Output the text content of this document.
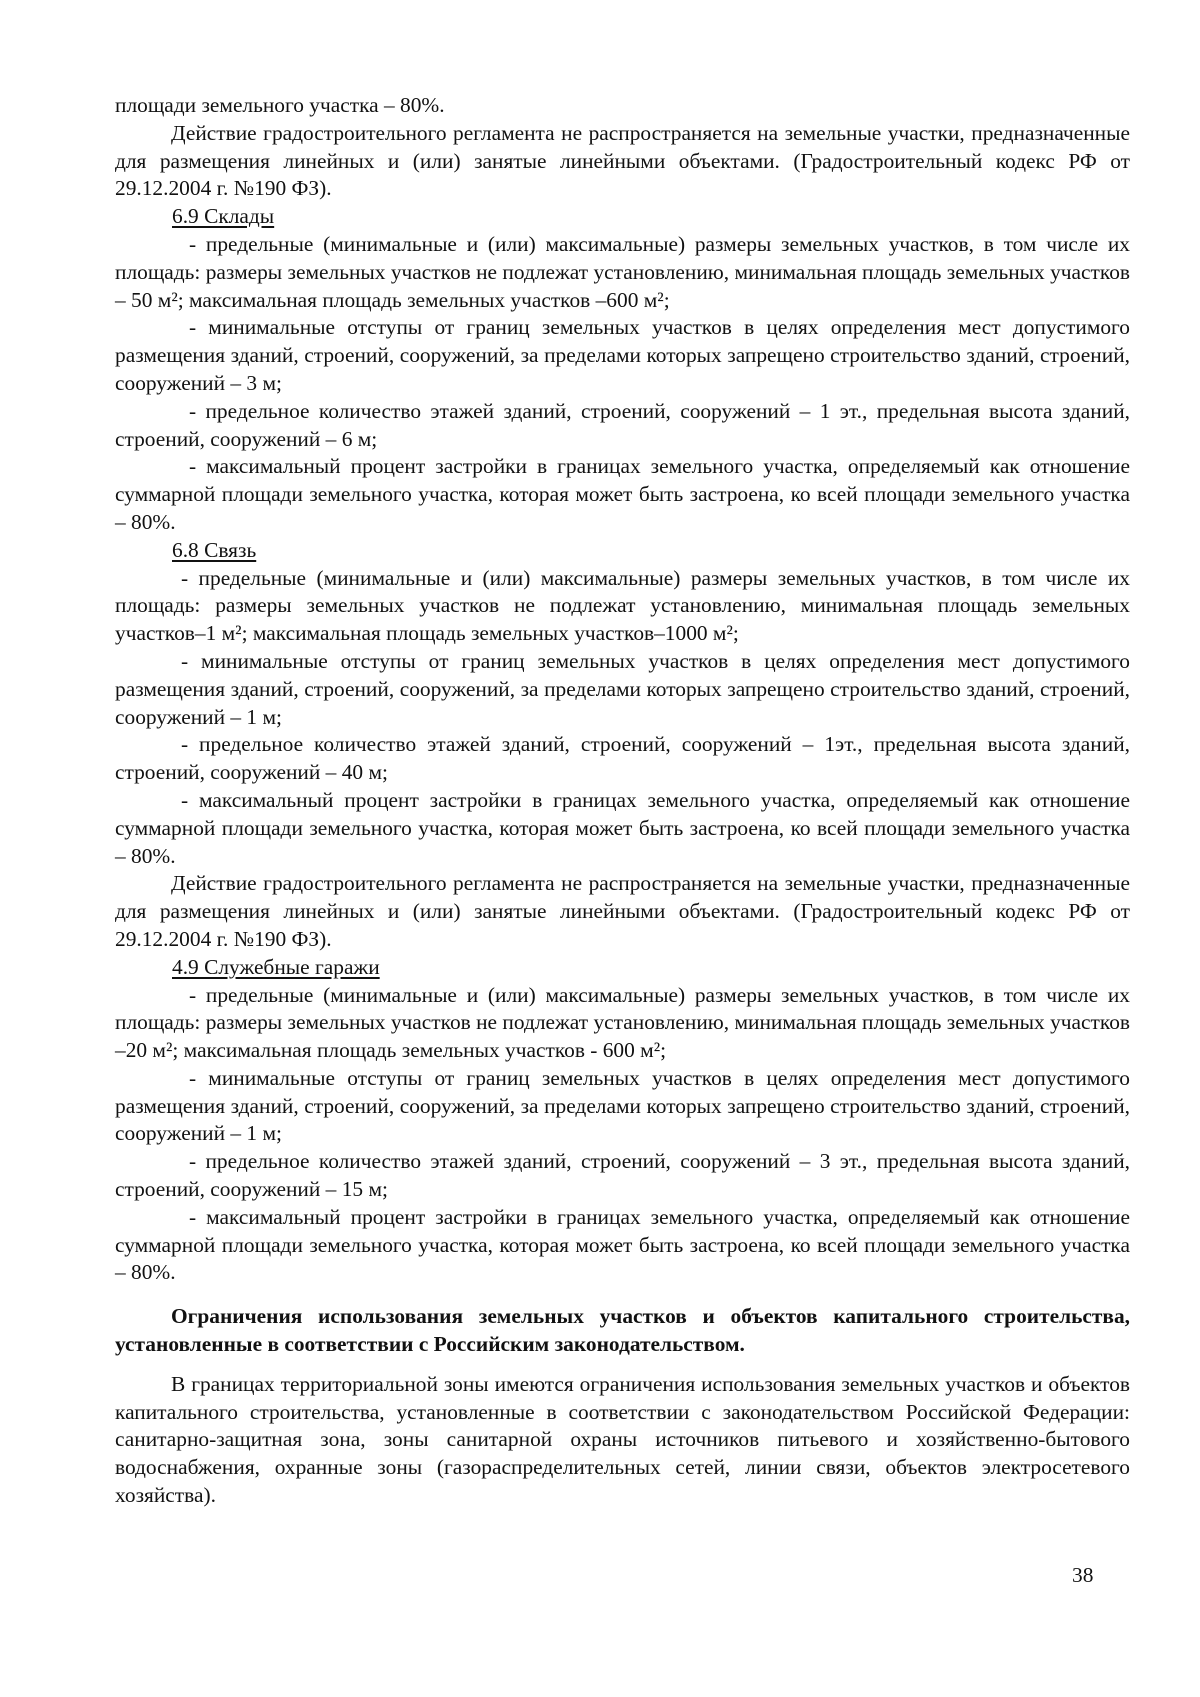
площади земельного участка – 80%.

Действие градостроительного регламента не распространяется на земельные участки, предназначенные для размещения линейных и (или) занятые линейными объектами. (Градостроительный кодекс РФ от 29.12.2004 г. №190 ФЗ).

6.9 Склады

- предельные (минимальные и (или) максимальные) размеры земельных участков, в том числе их площадь: размеры земельных участков не подлежат установлению, минимальная площадь земельных участков – 50 м²; максимальная площадь земельных участков –600 м²;

- минимальные отступы от границ земельных участков в целях определения мест допустимого размещения зданий, строений, сооружений, за пределами которых запрещено строительство зданий, строений, сооружений – 3 м;

- предельное количество этажей зданий, строений, сооружений – 1 эт., предельная высота зданий, строений, сооружений – 6 м;

- максимальный процент застройки в границах земельного участка, определяемый как отношение суммарной площади земельного участка, которая может быть застроена, ко всей площади земельного участка – 80%.

6.8 Связь

- предельные (минимальные и (или) максимальные) размеры земельных участков, в том числе их площадь: размеры земельных участков не подлежат установлению, минимальная площадь земельных участков–1 м²; максимальная площадь земельных участков–1000 м²;

- минимальные отступы от границ земельных участков в целях определения мест допустимого размещения зданий, строений, сооружений, за пределами которых запрещено строительство зданий, строений, сооружений – 1 м;

- предельное количество этажей зданий, строений, сооружений – 1эт., предельная высота зданий, строений, сооружений – 40 м;

- максимальный процент застройки в границах земельного участка, определяемый как отношение суммарной площади земельного участка, которая может быть застроена, ко всей площади земельного участка – 80%.

Действие градостроительного регламента не распространяется на земельные участки, предназначенные для размещения линейных и (или) занятые линейными объектами. (Градостроительный кодекс РФ от 29.12.2004 г. №190 ФЗ).

4.9 Служебные гаражи

- предельные (минимальные и (или) максимальные) размеры земельных участков, в том числе их площадь: размеры земельных участков не подлежат установлению, минимальная площадь земельных участков –20 м²; максимальная площадь земельных участков - 600 м²;

- минимальные отступы от границ земельных участков в целях определения мест допустимого размещения зданий, строений, сооружений, за пределами которых запрещено строительство зданий, строений, сооружений – 1 м;

- предельное количество этажей зданий, строений, сооружений – 3 эт., предельная высота зданий, строений, сооружений – 15 м;

- максимальный процент застройки в границах земельного участка, определяемый как отношение суммарной площади земельного участка, которая может быть застроена, ко всей площади земельного участка – 80%.

Ограничения использования земельных участков и объектов капитального строительства, установленные в соответствии с Российским законодательством.

В границах территориальной зоны имеются ограничения использования земельных участков и объектов капитального строительства, установленные в соответствии с законодательством Российской Федерации: санитарно-защитная зона, зоны санитарной охраны источников питьевого и хозяйственно-бытового водоснабжения, охранные зоны (газораспределительных сетей, линии связи, объектов электросетевого хозяйства).

38
